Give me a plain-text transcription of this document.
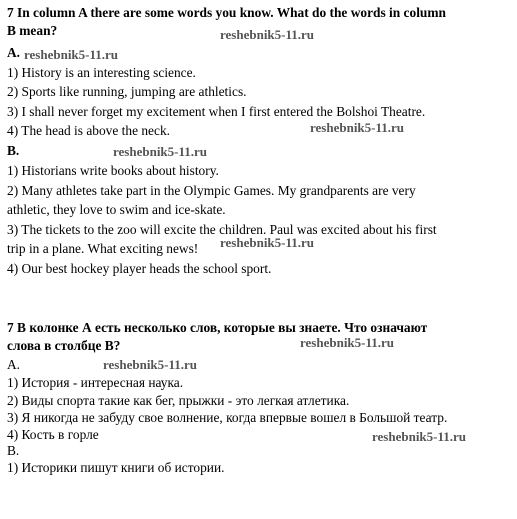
7 In column A there are some words you know. What do the words in column
B mean?
A.
1) History is an interesting science.
2) Sports like running, jumping are athletics.
3) I shall never forget my excitement when I first entered the Bolshoi Theatre.
4) The head is above the neck.
B.
1) Historians write books about history.
2) Many athletes take part in the Olympic Games. My grandparents are very
athletic, they love to swim and ice-skate.
3) The tickets to the zoo will excite the children. Paul was excited about his first
trip in a plane. What exciting news!
4) Our best hockey player heads the school sport.
7 В колонке А есть несколько слов, которые вы знаете. Что означают
слова в столбце В?
А.
1) История - интересная наука.
2) Виды спорта такие как бег, прыжки - это легкая атлетика.
3) Я никогда не забуду свое волнение, когда впервые вошел в Большой театр.
4) Кость в горле
В.
1) Историки пишут книги об истории.
reshebnik5-11.ru
reshebnik5-11.ru
reshebnik5-11.ru
reshebnik5-11.ru
reshebnik5-11.ru
reshebnik5-11.ru
reshebnik5-11.ru
reshebnik5-11.ru
